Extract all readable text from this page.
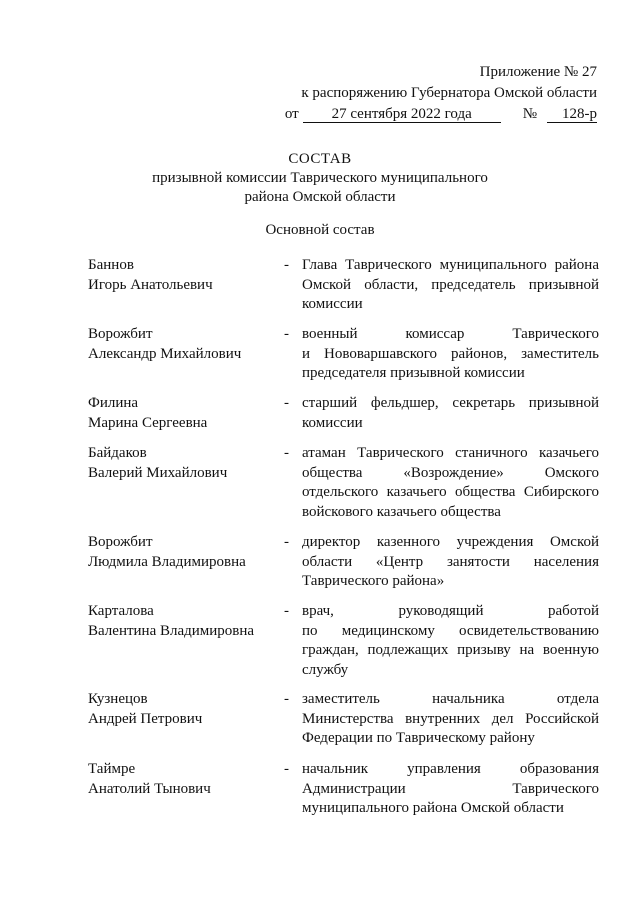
Приложение № 27
к распоряжению Губернатора Омской области
от 27 сентября 2022 года	№ 128-р
СОСТАВ
призывной комиссии Таврического муниципального
района Омской области
Основной состав
Баннов
Игорь Анатольевич
- Глава Таврического муниципального района
Омской области, председатель призывной
комиссии
Ворожбит
Александр Михайлович
- военный комиссар Таврического
и Нововаршавского районов, заместитель
председателя призывной комиссии
Филина
Марина Сергеевна
- старший фельдшер, секретарь призывной
комиссии
Байдаков
Валерий Михайлович
- атаман Таврического станичного казачьего
общества «Возрождение» Омского
отдельского казачьего общества Сибирского
войскового казачьего общества
Ворожбит
Людмила Владимировна
- директор казенного учреждения Омской
области «Центр занятости населения
Таврического района»
Карталова
Валентина Владимировна
- врач, руководящий работой
по медицинскому освидетельствованию
граждан, подлежащих призыву на военную
службу
Кузнецов
Андрей Петрович
- заместитель начальника отдела
Министерства внутренних дел Российской
Федерации по Таврическому району
Таймре
Анатолий Тынович
- начальник управления образования
Администрации Таврического
муниципального района Омской области
